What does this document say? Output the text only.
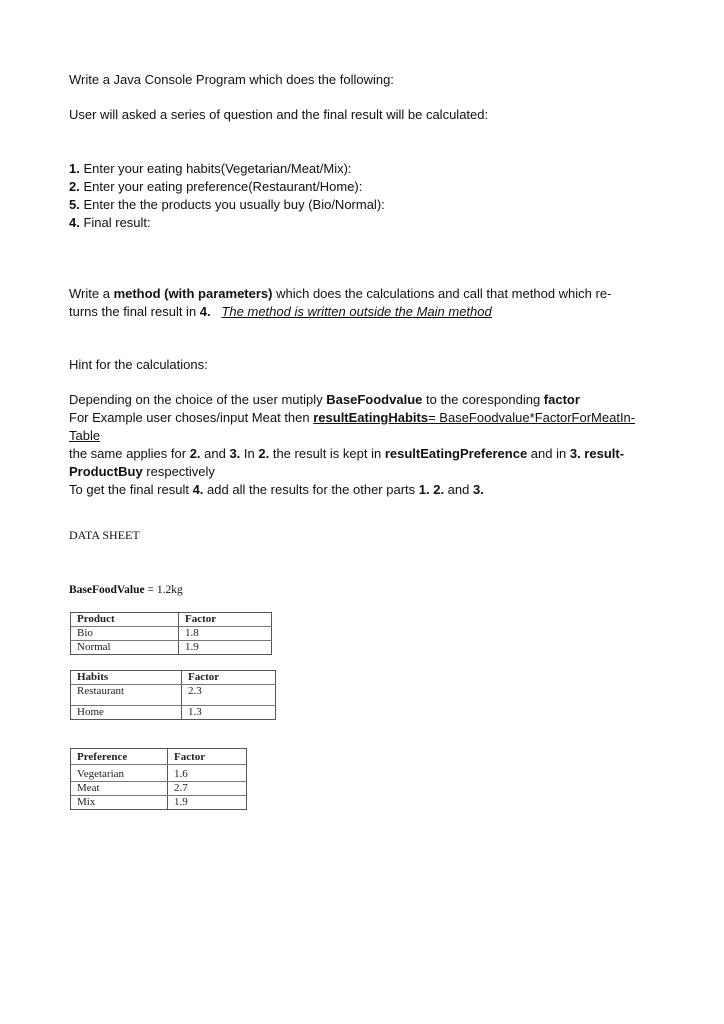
Write a Java Console Program which does the following:
User will asked a series of question and the final result will be calculated:
1. Enter your eating habits(Vegetarian/Meat/Mix):
2. Enter your eating preference(Restaurant/Home):
5. Enter the the products you usually buy (Bio/Normal):
4. Final result:
Write a method (with parameters) which does the calculations and call that method which re-
turns the final result in 4. The method is written outside the Main method
Hint for the calculations:
Depending on the choice of the user mutiply BaseFoodvalue to the coresponding factor
For Example user choses/input Meat then resultEatingHabits= BaseFoodvalue*FactorForMeatIn-
Table
the same applies for 2. and 3. In 2. the result is kept in resultEatingPreference and in 3. result-
ProductBuy respectively
To get the final result 4. add all the results for the other parts 1. 2. and 3.
DATA SHEET
BaseFoodValue = 1.2kg
Product	Factor
Bio	1.8
Normal	1.9
Habits	Factor
Restaurant	2.3
Home	1.3
Preference	Factor
Vegetarian	1.6
Meat	2.7
Mix	1.9
